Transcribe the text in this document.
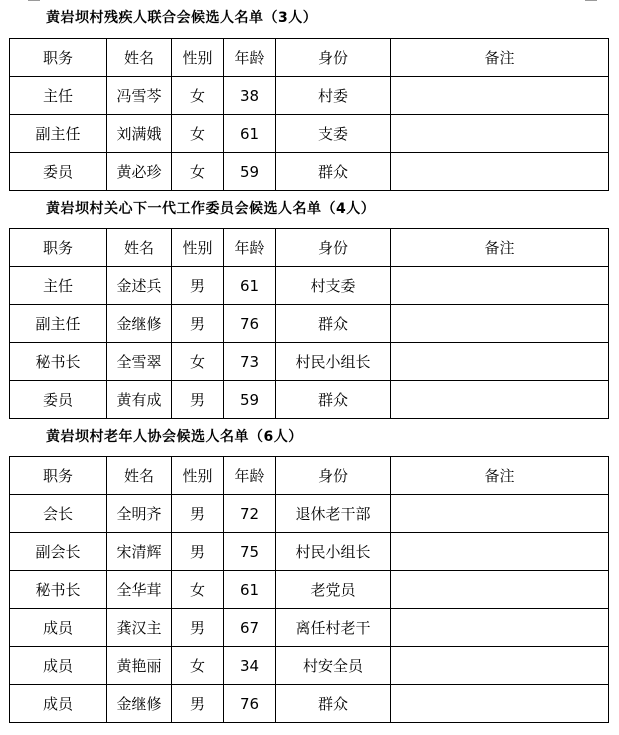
黄岩坝村残疾人联合会候选人名单（3人）
职务	姓名	性别	年龄	身份	备注
主任	冯雪芩	女	38	村委	
副主任	刘满娥	女	61	支委	
委员	黄必珍	女	59	群众	
黄岩坝村关心下一代工作委员会候选人名单（4人）
职务	姓名	性别	年龄	身份	备注
主任	金述兵	男	61	村支委	
副主任	金继修	男	76	群众	
秘书长	全雪翠	女	73	村民小组长	
委员	黄有成	男	59	群众	
黄岩坝村老年人协会候选人名单（6人）
职务	姓名	性别	年龄	身份	备注
会长	全明齐	男	72	退休老干部	
副会长	宋清辉	男	75	村民小组长	
秘书长	全华茸	女	61	老党员	
成员	龚汉主	男	67	离任村老干	
成员	黄艳丽	女	34	村安全员	
成员	金继修	男	76	群众	
